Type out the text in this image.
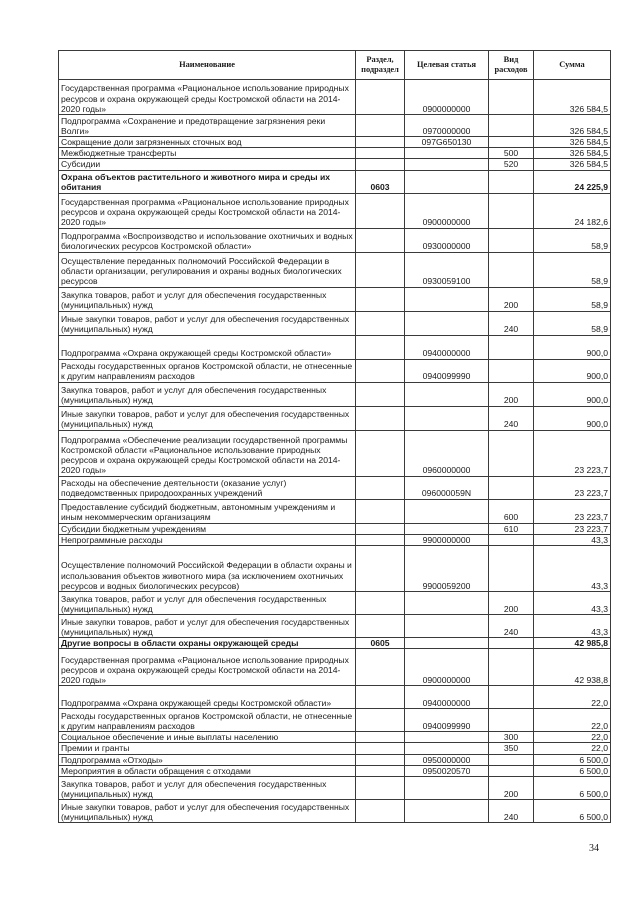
Наименование	Раздел, подраздел	Целевая статья	Вид расходов	Сумма
Государственная программа «Рациональное использование природных ресурсов и охрана окружающей среды Костромской области на 2014-2020 годы»		0900000000		326 584,5
Подпрограмма «Сохранение и предотвращение загрязнения реки Волги»		0970000000		326 584,5
Сокращение доли загрязненных сточных вод		097G650130		326 584,5
Межбюджетные трансферты			500	326 584,5
Субсидии			520	326 584,5
Охрана объектов растительного и животного мира и среды их обитания	0603			24 225,9
Государственная программа «Рациональное использование природных ресурсов и охрана окружающей среды Костромской области на 2014-2020 годы»		0900000000		24 182,6
Подпрограмма «Воспроизводство и использование охотничьих и водных биологических ресурсов Костромской области»		0930000000		58,9
Осуществление переданных полномочий Российской Федерации в области организации, регулирования и охраны водных биологических ресурсов		0930059100		58,9
Закупка товаров, работ и услуг для обеспечения государственных (муниципальных) нужд			200	58,9
Иные закупки товаров, работ и услуг для обеспечения государственных (муниципальных) нужд			240	58,9
Подпрограмма «Охрана окружающей среды Костромской области»		0940000000		900,0
Расходы государственных органов Костромской области, не отнесенные к другим направлениям расходов		0940099990		900,0
Закупка товаров, работ и услуг для обеспечения государственных (муниципальных) нужд			200	900,0
Иные закупки товаров, работ и услуг для обеспечения государственных (муниципальных) нужд			240	900,0
Подпрограмма «Обеспечение реализации государственной программы Костромской области «Рациональное использование природных ресурсов и охрана окружающей среды Костромской области на 2014-2020 годы»		0960000000		23 223,7
Расходы на обеспечение деятельности (оказание услуг) подведомственных природоохранных учреждений		096000059N		23 223,7
Предоставление субсидий бюджетным, автономным учреждениям и иным некоммерческим организациям			600	23 223,7
Субсидии бюджетным учреждениям			610	23 223,7
Непрограммные расходы		9900000000		43,3
Осуществление полномочий Российской Федерации в области охраны и использования объектов животного мира (за исключением охотничьих ресурсов и водных биологических ресурсов)		9900059200		43,3
Закупка товаров, работ и услуг для обеспечения государственных (муниципальных) нужд			200	43,3
Иные закупки товаров, работ и услуг для обеспечения государственных (муниципальных) нужд			240	43,3
Другие вопросы в области охраны окружающей среды	0605			42 985,8
Государственная программа «Рациональное использование природных ресурсов и охрана окружающей среды Костромской области на 2014-2020 годы»		0900000000		42 938,8
Подпрограмма «Охрана окружающей среды Костромской области»		0940000000		22,0
Расходы государственных органов Костромской области, не отнесенные к другим направлениям расходов		0940099990		22,0
Социальное обеспечение и иные выплаты населению			300	22,0
Премии и гранты			350	22,0
Подпрограмма «Отходы»		0950000000		6 500,0
Мероприятия в области обращения с отходами		0950020570		6 500,0
Закупка товаров, работ и услуг для обеспечения государственных (муниципальных) нужд			200	6 500,0
Иные закупки товаров, работ и услуг для обеспечения государственных (муниципальных) нужд			240	6 500,0
34
